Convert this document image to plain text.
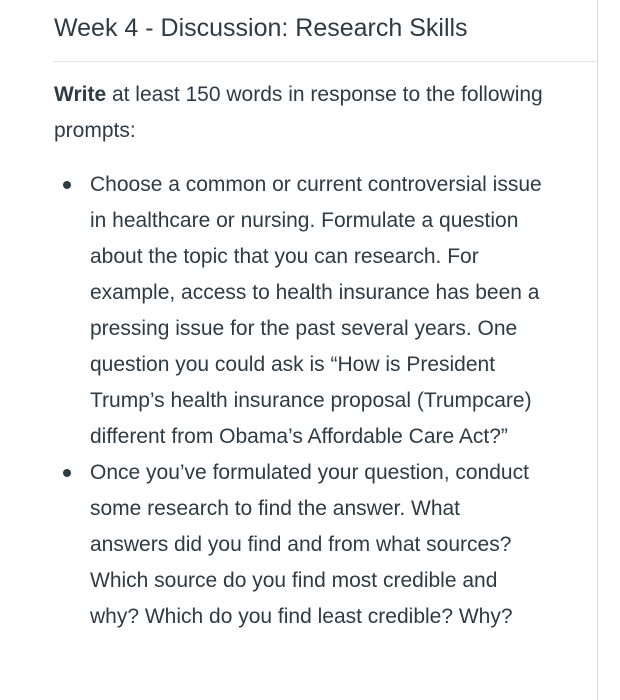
Week 4 - Discussion: Research Skills

Write at least 150 words in response to the following prompts:

Choose a common or current controversial issue in healthcare or nursing. Formulate a question about the topic that you can research. For example, access to health insurance has been a pressing issue for the past several years. One question you could ask is “How is President Trump’s health insurance proposal (Trumpcare) different from Obama’s Affordable Care Act?”
Once you’ve formulated your question, conduct some research to find the answer. What answers did you find and from what sources? Which source do you find most credible and why? Which do you find least credible? Why?
